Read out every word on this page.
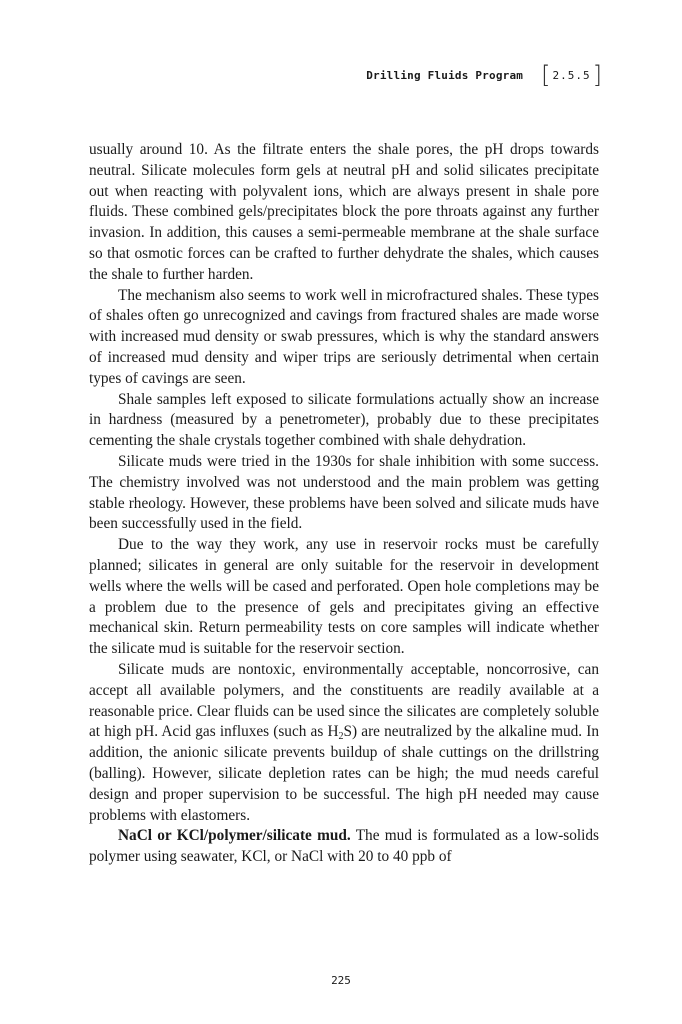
Drilling Fluids Program [ 2.5.5 ]

usually around 10. As the filtrate enters the shale pores, the pH drops towards neutral. Silicate molecules form gels at neutral pH and solid silicates precipitate out when reacting with polyvalent ions, which are always present in shale pore fluids. These combined gels/precipitates block the pore throats against any further invasion. In addition, this causes a semi-permeable membrane at the shale surface so that osmotic forces can be crafted to further dehydrate the shales, which causes the shale to further harden.

The mechanism also seems to work well in microfractured shales. These types of shales often go unrecognized and cavings from fractured shales are made worse with increased mud density or swab pressures, which is why the standard answers of increased mud density and wiper trips are seriously detrimental when certain types of cavings are seen.

Shale samples left exposed to silicate formulations actually show an increase in hardness (measured by a penetrometer), probably due to these precipitates cementing the shale crystals together combined with shale dehydration.

Silicate muds were tried in the 1930s for shale inhibition with some success. The chemistry involved was not understood and the main problem was getting stable rheology. However, these problems have been solved and silicate muds have been successfully used in the field.

Due to the way they work, any use in reservoir rocks must be carefully planned; silicates in general are only suitable for the reservoir in development wells where the wells will be cased and perforated. Open hole completions may be a problem due to the presence of gels and precipitates giving an effective mechanical skin. Return permeability tests on core samples will indicate whether the silicate mud is suitable for the reservoir section.

Silicate muds are nontoxic, environmentally acceptable, noncorrosive, can accept all available polymers, and the constituents are readily available at a reasonable price. Clear fluids can be used since the silicates are completely soluble at high pH. Acid gas influxes (such as $H_2S$) are neutralized by the alkaline mud. In addition, the anionic silicate prevents buildup of shale cuttings on the drillstring (balling). However, silicate depletion rates can be high; the mud needs careful design and proper supervision to be successful. The high pH needed may cause problems with elastomers.

NaCl or KCl/polymer/silicate mud. The mud is formulated as a low-solids polymer using seawater, KCl, or NaCl with 20 to 40 ppb of

225
